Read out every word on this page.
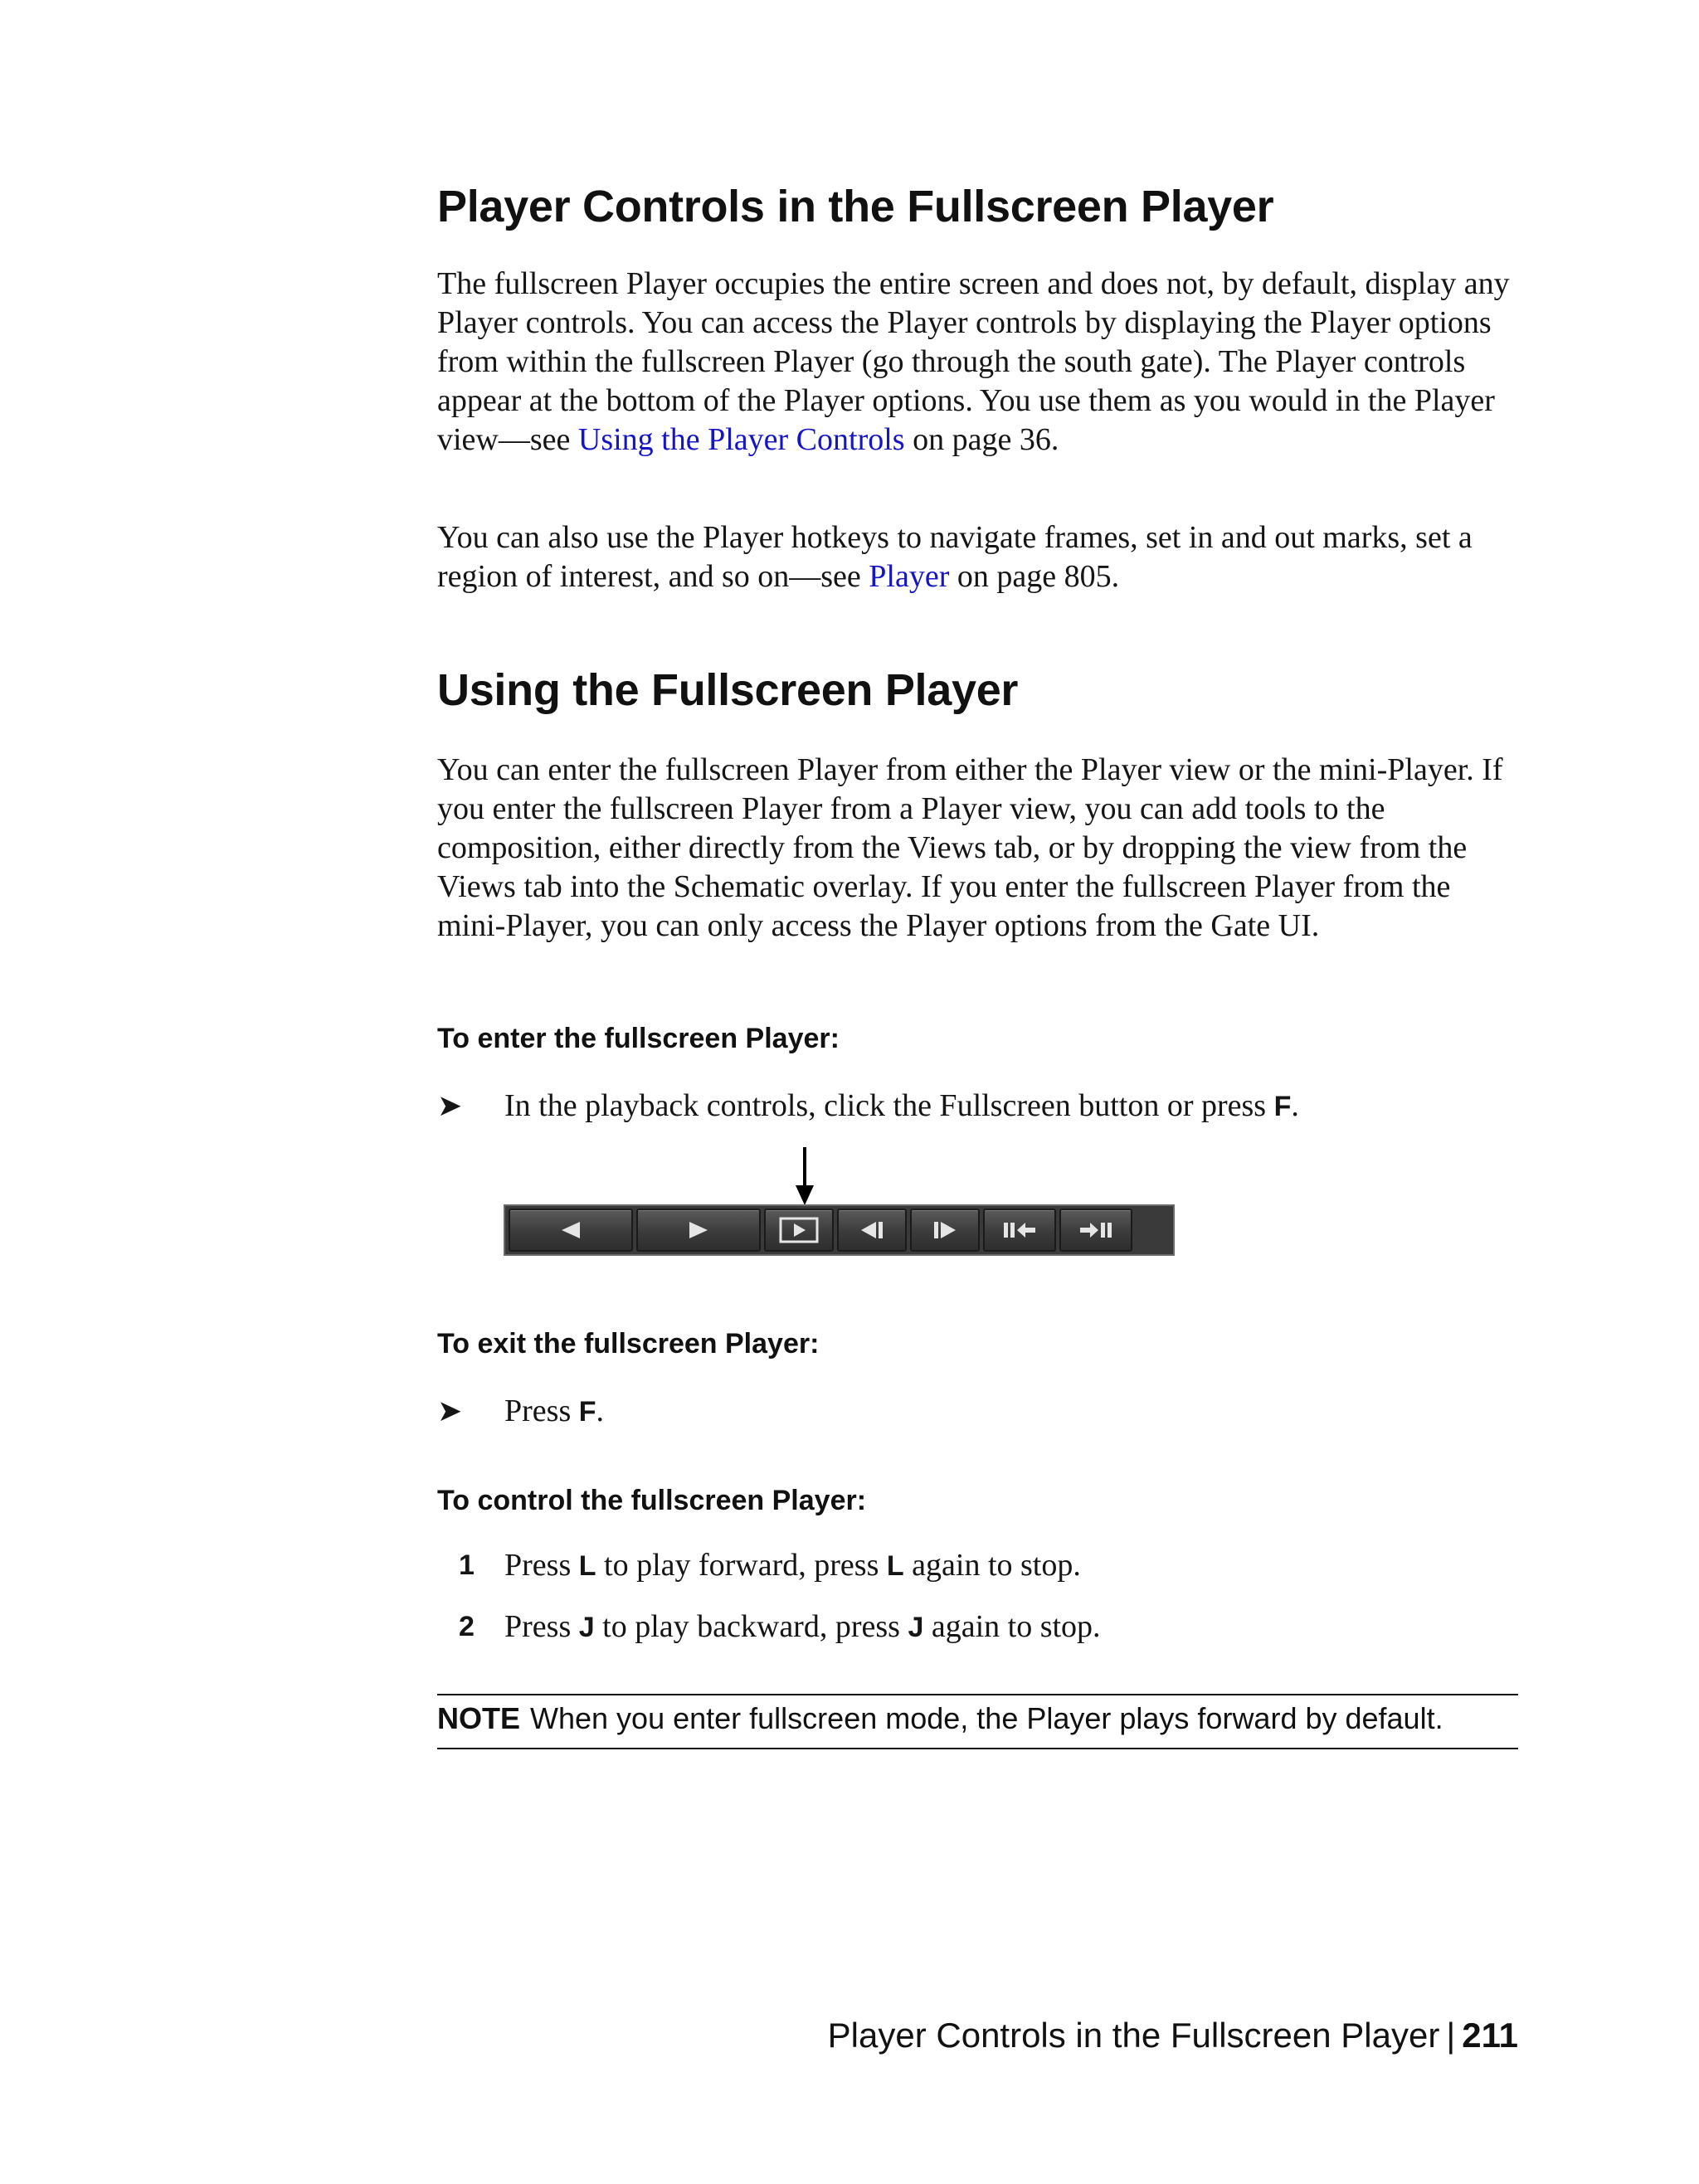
Player Controls in the Fullscreen Player

The fullscreen Player occupies the entire screen and does not, by default, display any Player controls. You can access the Player controls by displaying the Player options from within the fullscreen Player (go through the south gate). The Player controls appear at the bottom of the Player options. You use them as you would in the Player view—see Using the Player Controls on page 36.

You can also use the Player hotkeys to navigate frames, set in and out marks, set a region of interest, and so on—see Player on page 805.

Using the Fullscreen Player

You can enter the fullscreen Player from either the Player view or the mini-Player. If you enter the fullscreen Player from a Player view, you can add tools to the composition, either directly from the Views tab, or by dropping the view from the Views tab into the Schematic overlay. If you enter the fullscreen Player from the mini-Player, you can only access the Player options from the Gate UI.

To enter the fullscreen Player:
➤	In the playback controls, click the Fullscreen button or press F.
To exit the fullscreen Player:
➤	Press F.
To control the fullscreen Player:
1 Press L to play forward, press L again to stop.
2 Press J to play backward, press J again to stop.

NOTE When you enter fullscreen mode, the Player plays forward by default.

Player Controls in the Fullscreen Player | 211
